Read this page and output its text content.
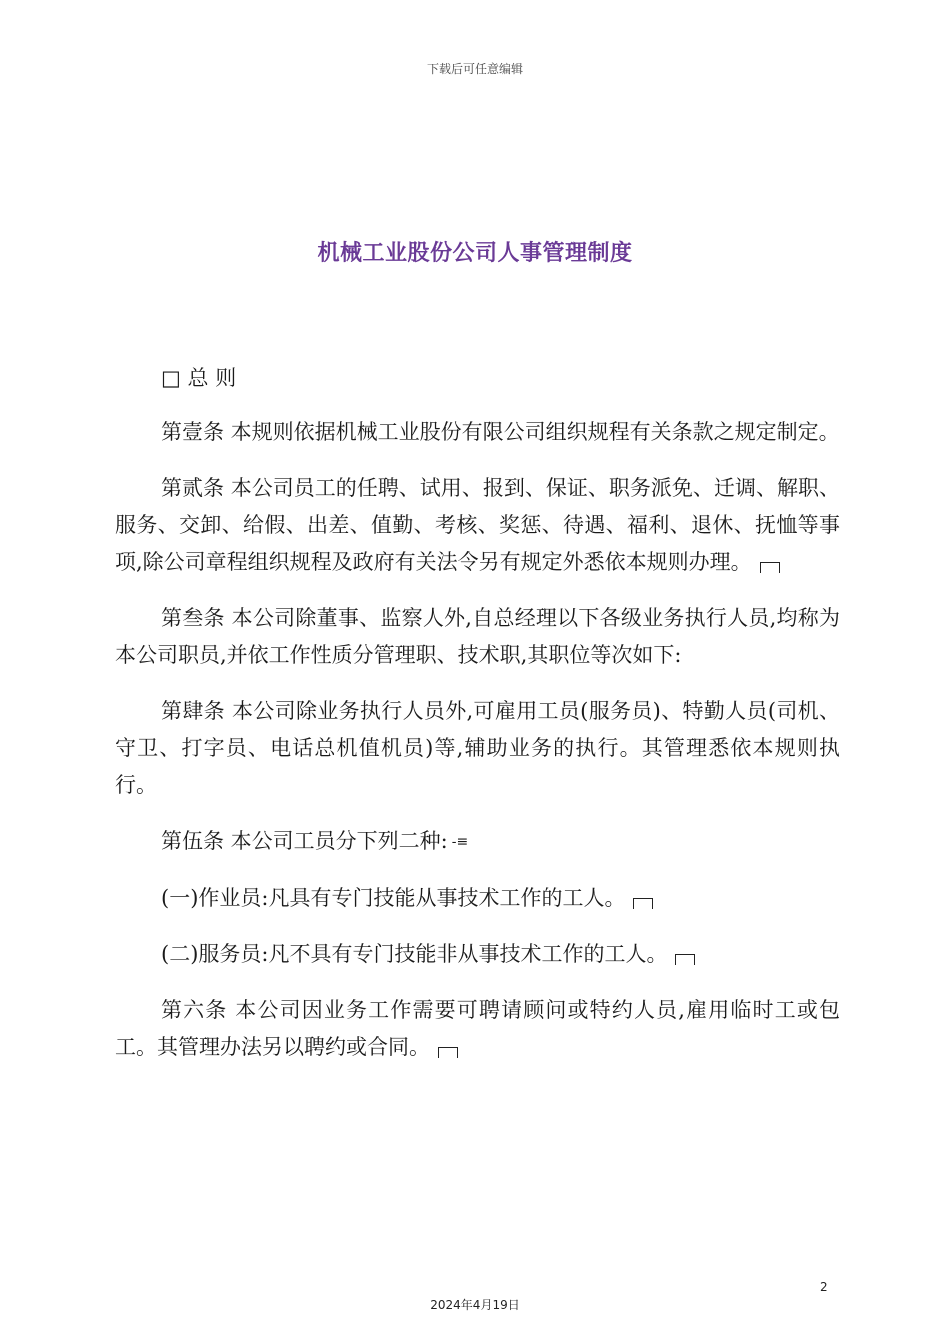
下载后可任意编辑
机械工业股份公司人事管理制度

□ 总 则

第壹条 本规则依据机械工业股份有限公司组织规程有关条款之规定制定。

第贰条 本公司员工的任聘、试用、报到、保证、职务派免、迁调、解职、服务、交卸、给假、出差、值勤、考核、奖惩、待遇、福利、退休、抚恤等事项,除公司章程组织规程及政府有关法令另有规定外悉依本规则办理。

第叁条 本公司除董事、监察人外,自总经理以下各级业务执行人员,均称为本公司职员,并依工作性质分管理职、技术职,其职位等次如下:

第肆条 本公司除业务执行人员外,可雇用工员(服务员)、特勤人员(司机、守卫、打字员、电话总机值机员)等,辅助业务的执行。其管理悉依本规则执行。

第伍条 本公司工员分下列二种: -≡

(一)作业员:凡具有专门技能从事技术工作的工人。

(二)服务员:凡不具有专门技能非从事技术工作的工人。

第六条 本公司因业务工作需要可聘请顾问或特约人员,雇用临时工或包工。其管理办法另以聘约或合同。

2
2024年4月19日
